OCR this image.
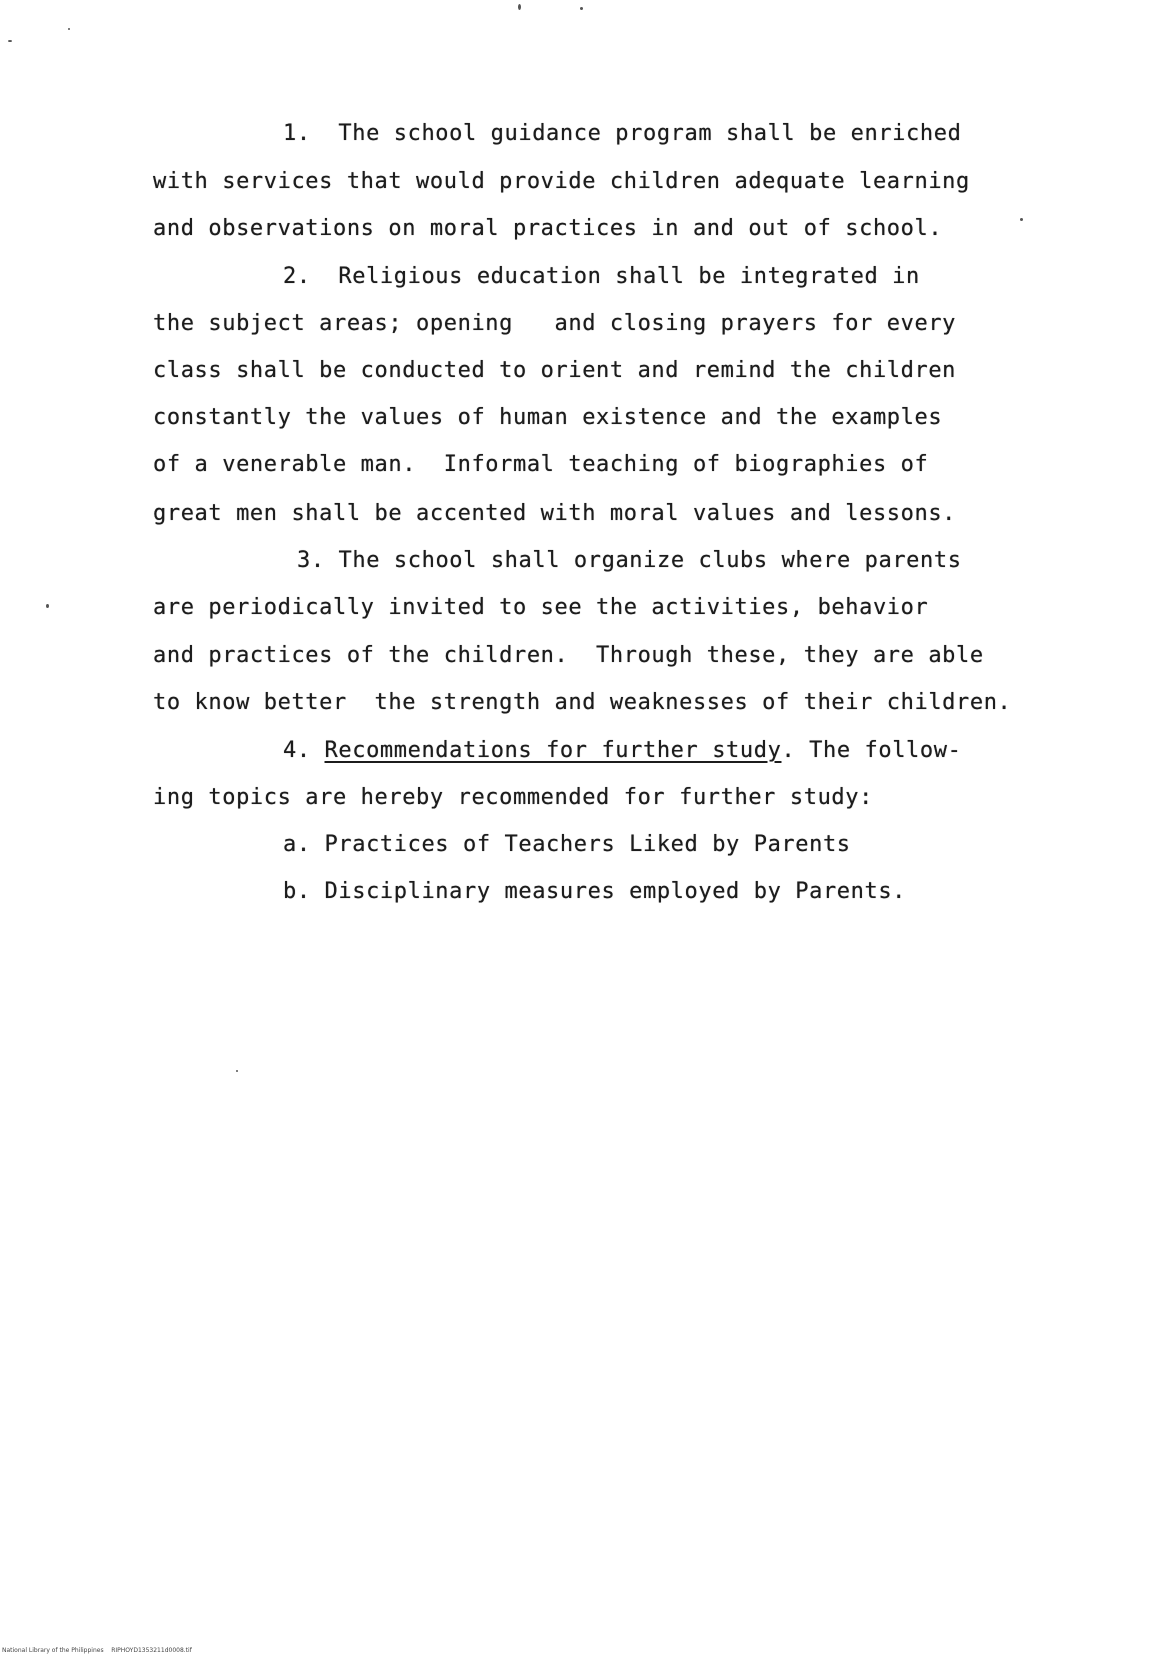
1.  The school guidance program shall be enriched
with services that would provide children adequate learning
and observations on moral practices in and out of school.
2.  Religious education shall be integrated in
the subject areas; opening   and closing prayers for every
class shall be conducted to orient and remind the children
constantly the values of human existence and the examples
of a venerable man.  Informal teaching of biographies of
great men shall be accented with moral values and lessons.
3. The school shall organize clubs where parents
are periodically invited to see the activities, behavior
and practices of the children.  Through these, they are able
to know better  the strength and weaknesses of their children.
4. Recommendations for further study. The follow-
ing topics are hereby recommended for further study:
a. Practices of Teachers Liked by Parents
b. Disciplinary measures employed by Parents.
National Library of the Philippines RIPHOYD1353211d0008.tif
